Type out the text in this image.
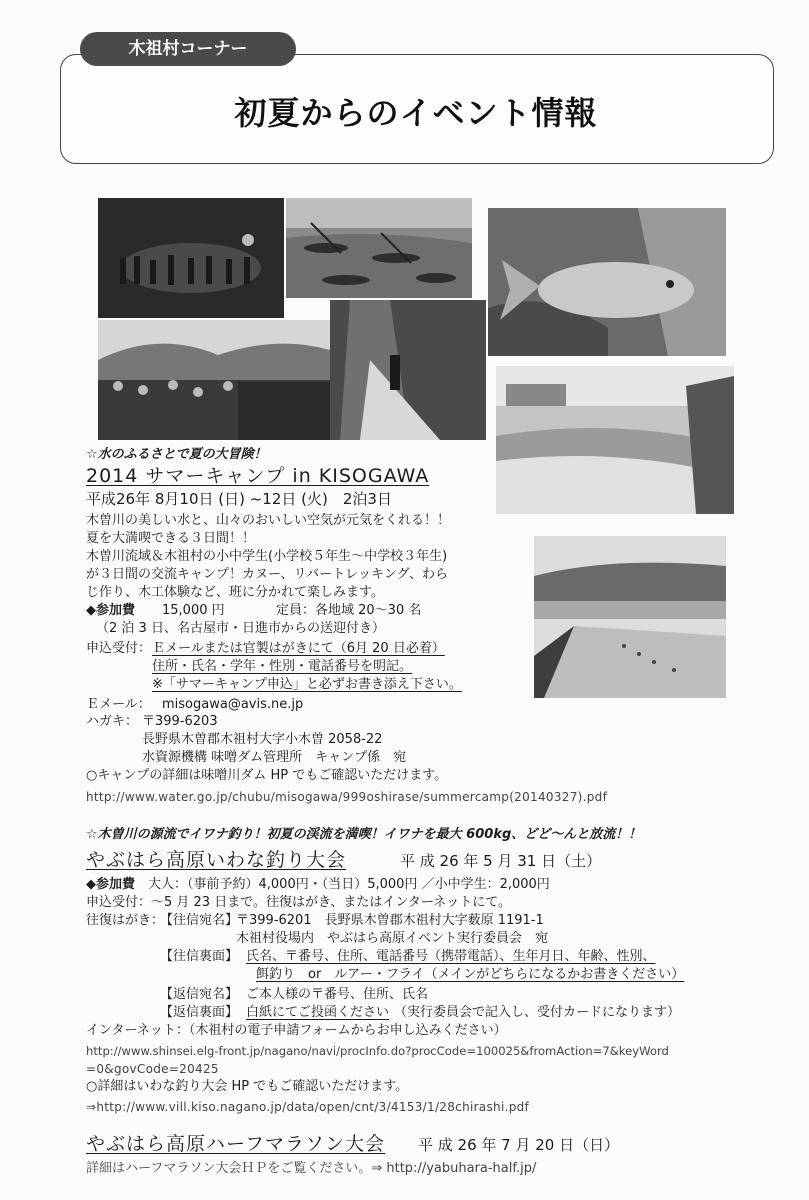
木祖村コーナー
初夏からのイベント情報
☆水のふるさとで夏の大冒険！
2014 サマーキャンプ in KISOGAWA
平成26年 8月10日 (日) ~12日 (火)　2泊3日
木曽川の美しい水と、山々のおいしい空気が元気をくれる！！
夏を大満喫できる３日間！！
木曽川流域＆木祖村の小中学生(小学校５年生～中学校３年生)
が３日間の交流キャンプ！カヌー、リバートレッキング、わら
じ作り、木工体験など、班に分かれて楽しみます。
◆参加費 15,000 円	定員：各地域 20～30 名
（2 泊 3 日、名古屋市・日進市からの送迎付き）
申込受付： Ｅメールまたは官製はがきにて（6月 20 日必着）
住所・氏名・学年・性別・電話番号を明記。
※「サマーキャンプ申込」と必ずお書き添え下さい。
Ｅメール： misogawa@avis.ne.jp
ハガキ： 〒399-6203
長野県木曽郡木祖村大字小木曽 2058-22
水資源機構 味噌ダム管理所　キャンプ係　宛
○キャンプの詳細は味噌川ダム HP でもご確認いただけます。
http://www.water.go.jp/chubu/misogawa/999oshirase/summercamp(20140327).pdf
☆木曽川の源流でイワナ釣り！初夏の渓流を満喫！イワナを最大 600kg、どど～んと放流！！
やぶはら高原いわな釣り大会	平 成 26 年 5 月 31 日（土）
◆参加費 大人：（事前予約）4,000円・（当日）5,000円 ／小中学生：2,000円
申込受付：～5 月 23 日まで。往復はがき、またはインターネットにて。
往復はがき：
【往信宛名】
〒399-6201　長野県木曽郡木祖村大字薮原 1191-1
木祖村役場内　やぶはら高原イベント実行委員会　宛
【往信裏面】 氏名、〒番号、住所、電話番号（携帯電話）、生年月日、年齢、性別、
餌釣り　or　ルアー・フライ（メインがどちらになるかお書きください）
【返信宛名】 ご本人様の〒番号、住所、氏名
【返信裏面】 白紙にてご投函ください （実行委員会で記入し、受付カードになります）
インターネット：（木祖村の電子申請フォームからお申し込みください）
http://www.shinsei.elg-front.jp/nagano/navi/procInfo.do?procCode=100025&fromAction=7&keyWord
=0&govCode=20425
○詳細はいわな釣り大会 HP でもご確認いただけます。
⇒http://www.vill.kiso.nagano.jp/data/open/cnt/3/4153/1/28chirashi.pdf
やぶはら高原ハーフマラソン大会 平 成 26 年 7 月 20 日（日）
詳細はハーフマラソン大会ＨＰをご覧ください。⇒ http://yabuhara-half.jp/
